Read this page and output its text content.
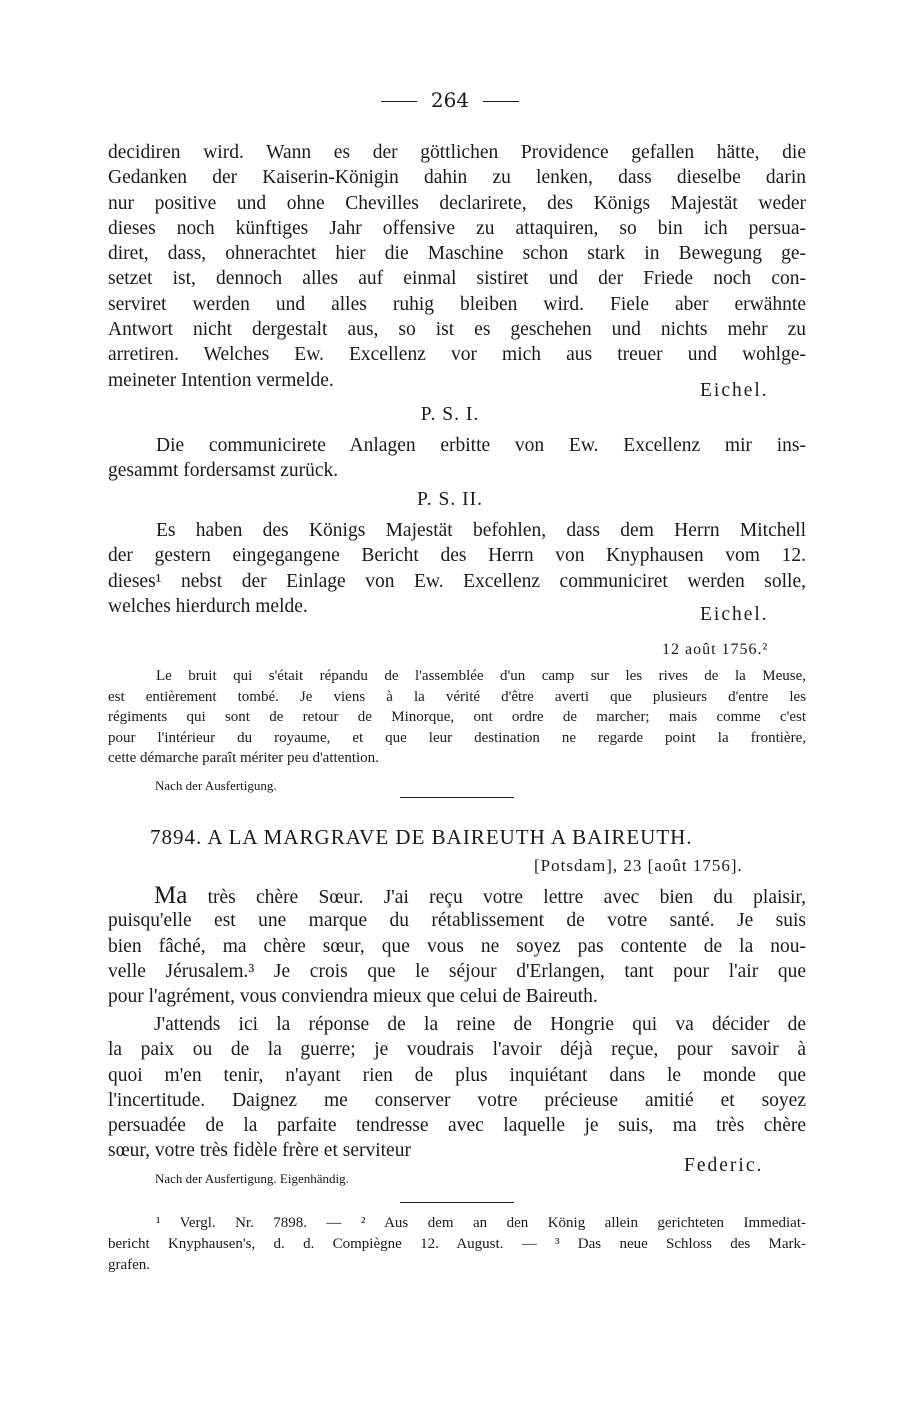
264
decidiren wird. Wann es der göttlichen Providence gefallen hätte, die
Gedanken der Kaiserin-Königin dahin zu lenken, dass dieselbe darin
nur positive und ohne Chevilles declarirete, des Königs Majestät weder
dieses noch künftiges Jahr offensive zu attaquiren, so bin ich persua-
diret, dass, ohnerachtet hier die Maschine schon stark in Bewegung ge-
setzet ist, dennoch alles auf einmal sistiret und der Friede noch con-
serviret werden und alles ruhig bleiben wird. Fiele aber erwähnte
Antwort nicht dergestalt aus, so ist es geschehen und nichts mehr zu
arretiren. Welches Ew. Excellenz vor mich aus treuer und wohlge-
meineter Intention vermelde.	Eichel.
P. S. I.
Die communicirete Anlagen erbitte von Ew. Excellenz mir ins-
gesammt fordersamst zurück.
P. S. II.
Es haben des Königs Majestät befohlen, dass dem Herrn Mitchell
der gestern eingegangene Bericht des Herrn von Knyphausen vom 12.
dieses¹ nebst der Einlage von Ew. Excellenz communiciret werden solle,
welches hierdurch melde.	Eichel.
12 août 1756.²
Le bruit qui s'était répandu de l'assemblée d'un camp sur les rives de la Meuse,
est entièrement tombé. Je viens à la vérité d'être averti que plusieurs d'entre les
régiments qui sont de retour de Minorque, ont ordre de marcher; mais comme c'est
pour l'intérieur du royaume, et que leur destination ne regarde point la frontière,
cette démarche paraît mériter peu d'attention.
Nach der Ausfertigung.
7894. A LA MARGRAVE DE BAIREUTH A BAIREUTH.
[Potsdam], 23 [août 1756].
Ma très chère Sœur. J'ai reçu votre lettre avec bien du plaisir,
puisqu'elle est une marque du rétablissement de votre santé. Je suis
bien fâché, ma chère sœur, que vous ne soyez pas contente de la nou-
velle Jérusalem.³ Je crois que le séjour d'Erlangen, tant pour l'air que
pour l'agrément, vous conviendra mieux que celui de Baireuth.
J'attends ici la réponse de la reine de Hongrie qui va décider de
la paix ou de la guerre; je voudrais l'avoir déjà reçue, pour savoir à
quoi m'en tenir, n'ayant rien de plus inquiétant dans le monde que
l'incertitude. Daignez me conserver votre précieuse amitié et soyez
persuadée de la parfaite tendresse avec laquelle je suis, ma très chère
sœur, votre très fidèle frère et serviteur
Federic.
Nach der Ausfertigung. Eigenhändig.
¹ Vergl. Nr. 7898. — ² Aus dem an den König allein gerichteten Immediat-
bericht Knyphausen's, d. d. Compiègne 12. August. — ³ Das neue Schloss des Mark-
grafen.
